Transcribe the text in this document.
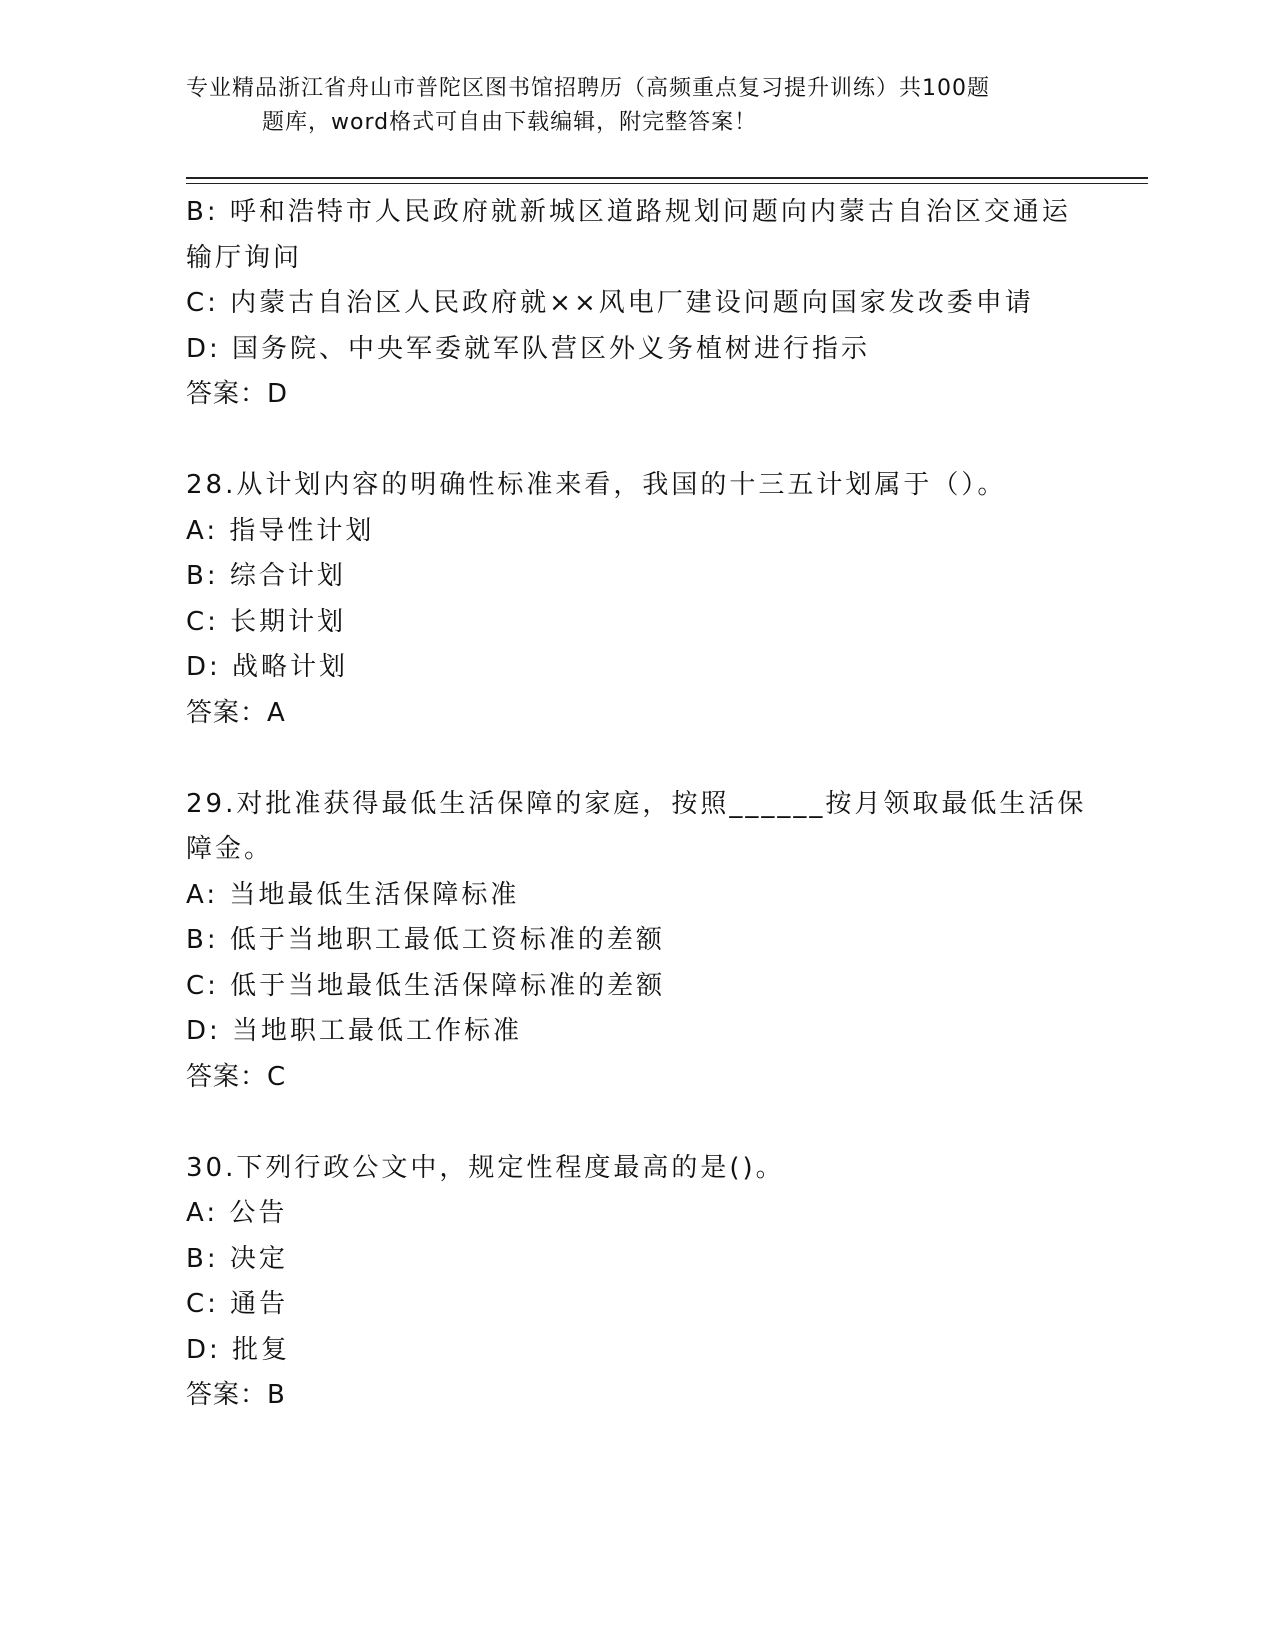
专业精品浙江省舟山市普陀区图书馆招聘历（高频重点复习提升训练）共100题
题库，word格式可自由下载编辑，附完整答案！
B: 呼和浩特市人民政府就新城区道路规划问题向内蒙古自治区交通运
输厅询问
C: 内蒙古自治区人民政府就××风电厂建设问题向国家发改委申请
D: 国务院、中央军委就军队营区外义务植树进行指示
答案：D
28.从计划内容的明确性标准来看，我国的十三五计划属于（）。
A: 指导性计划
B: 综合计划
C: 长期计划
D: 战略计划
答案：A
29.对批准获得最低生活保障的家庭，按照______按月领取最低生活保
障金。
A: 当地最低生活保障标准
B: 低于当地职工最低工资标准的差额
C: 低于当地最低生活保障标准的差额
D: 当地职工最低工作标准
答案：C
30.下列行政公文中，规定性程度最高的是()。
A: 公告
B: 决定
C: 通告
D: 批复
答案：B
